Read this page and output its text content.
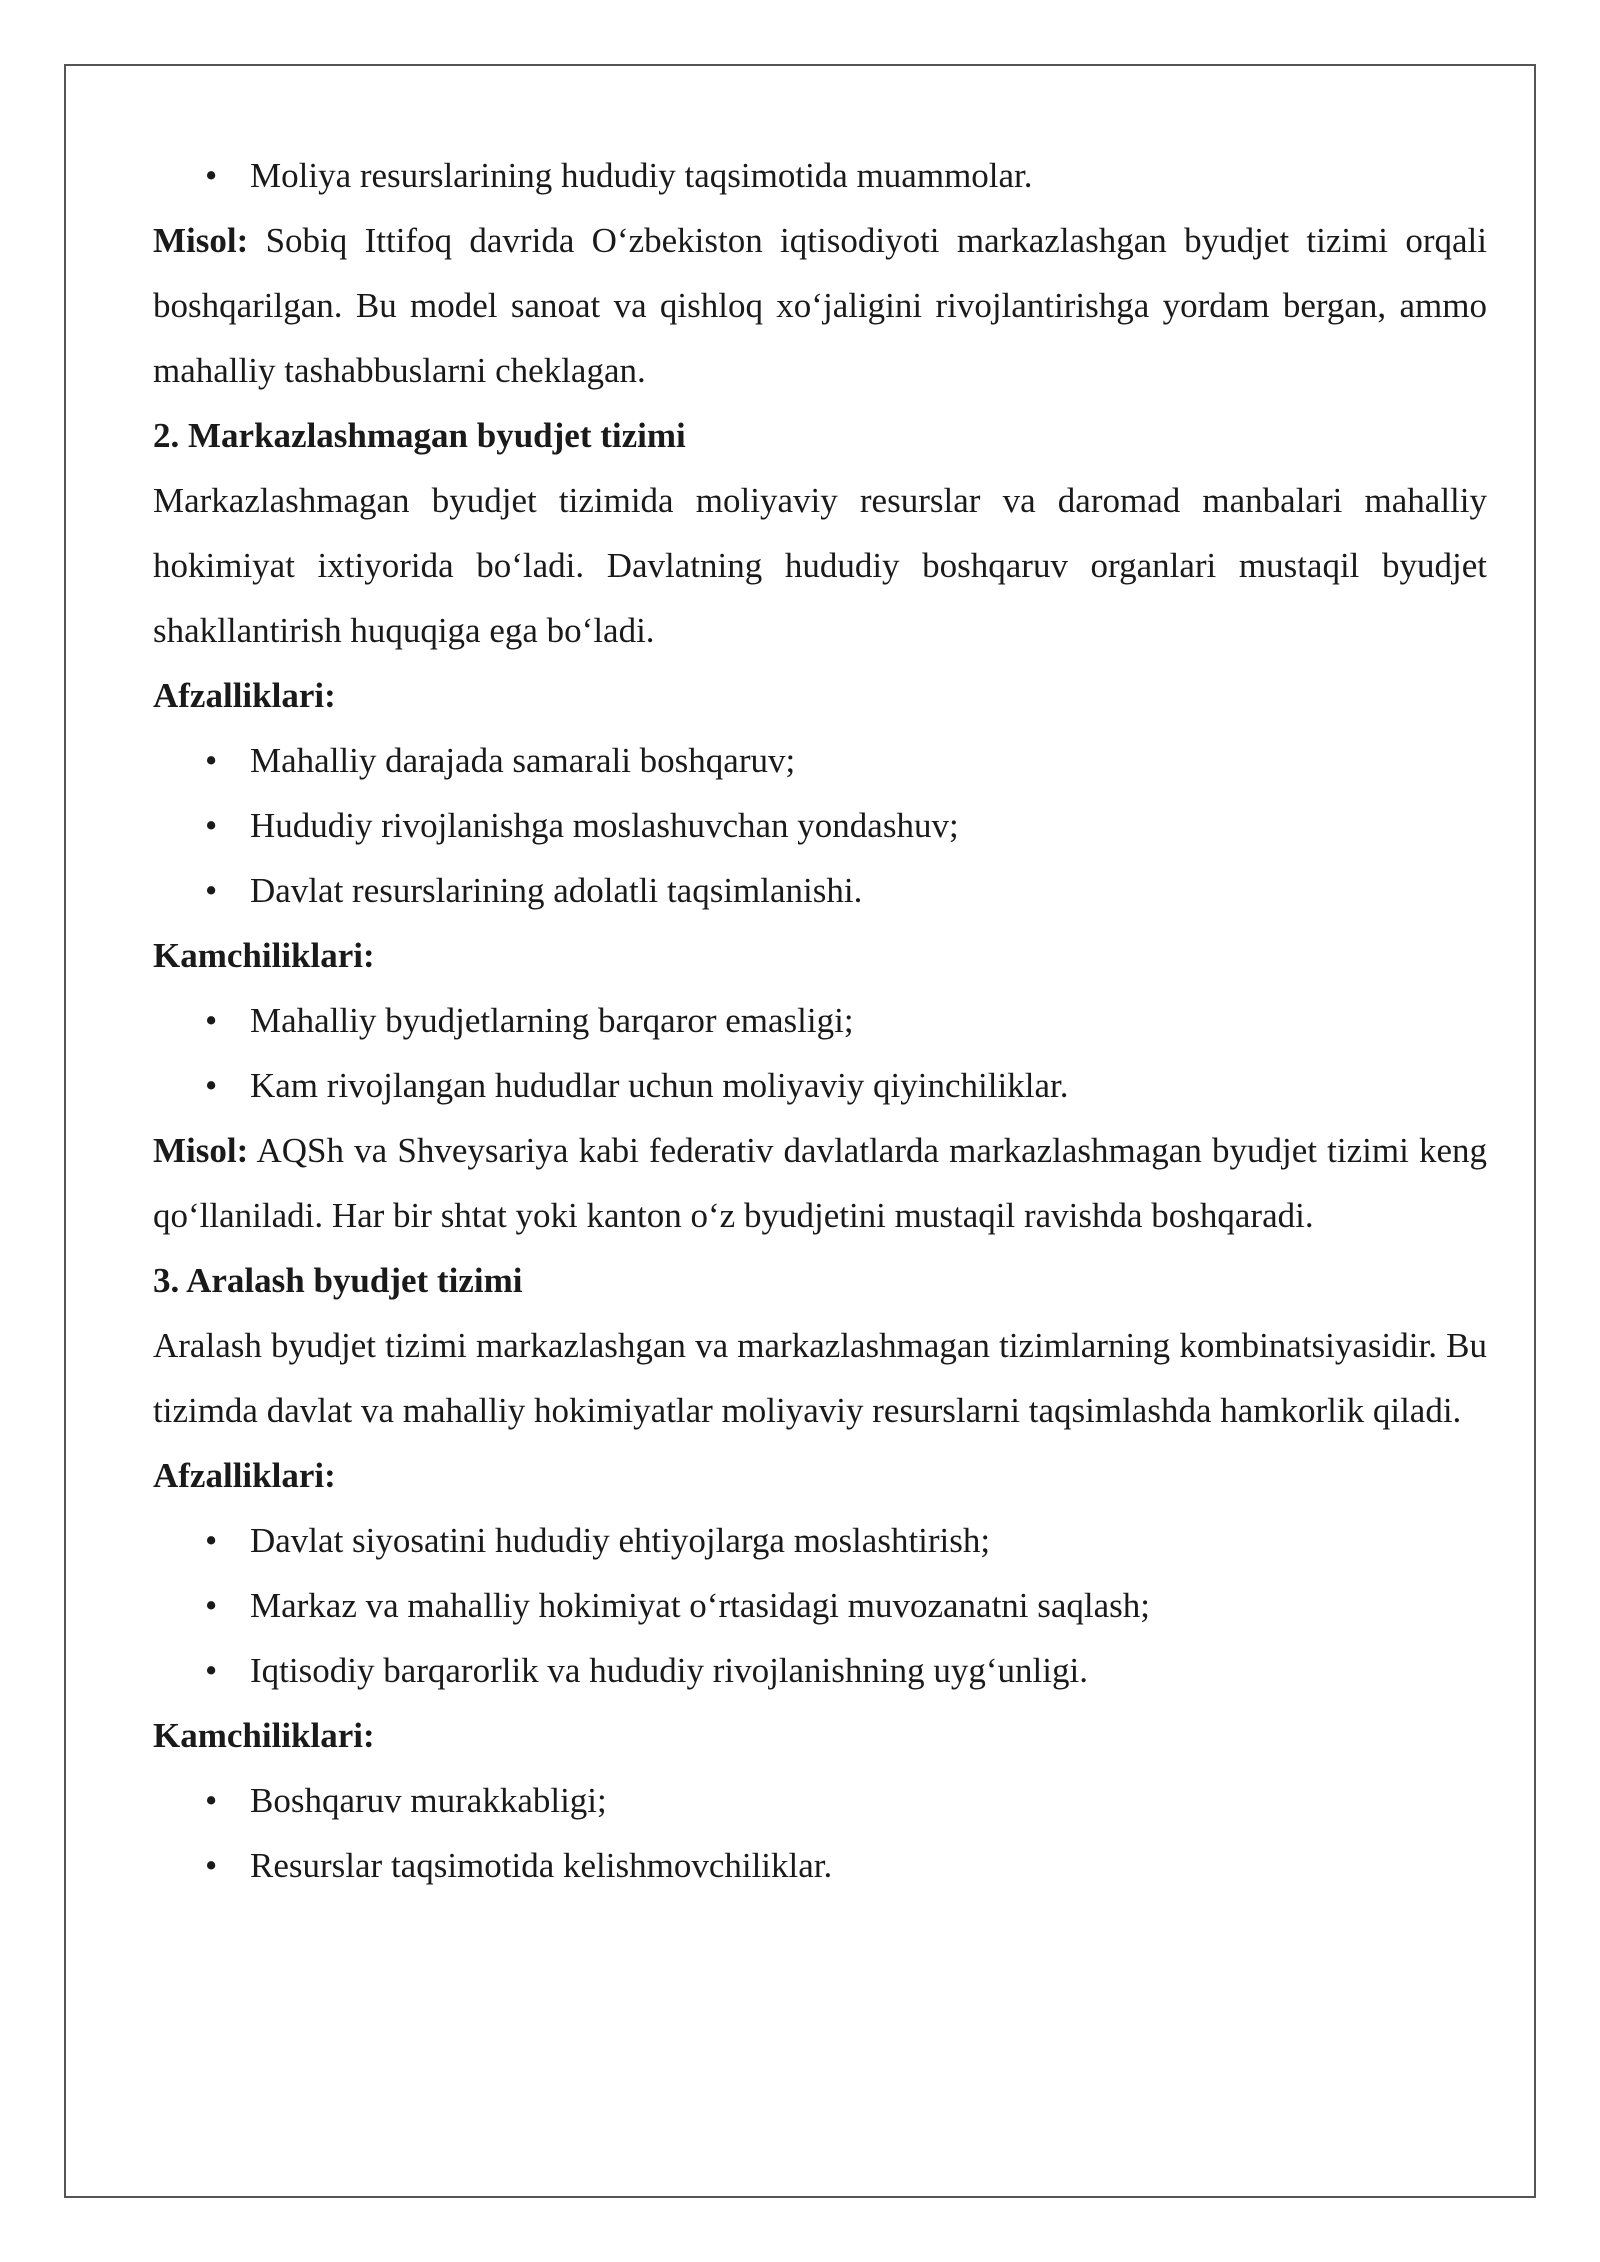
• Moliya resurslarining hududiy taqsimotida muammolar.

Misol: Sobiq Ittifoq davrida O‘zbekiston iqtisodiyoti markazlashgan byudjet tizimi orqali boshqarilgan. Bu model sanoat va qishloq xo‘jaligini rivojlantirishga yordam bergan, ammo mahalliy tashabbuslarni cheklagan.

2. Markazlashmagan byudjet tizimi

Markazlashmagan byudjet tizimida moliyaviy resurslar va daromad manbalari mahalliy hokimiyat ixtiyorida bo‘ladi. Davlatning hududiy boshqaruv organlari mustaqil byudjet shakllantirish huquqiga ega bo‘ladi.

Afzalliklari:

• Mahalliy darajada samarali boshqaruv;
• Hududiy rivojlanishga moslashuvchan yondashuv;
• Davlat resurslarining adolatli taqsimlanishi.

Kamchiliklari:

• Mahalliy byudjetlarning barqaror emasligi;
• Kam rivojlangan hududlar uchun moliyaviy qiyinchiliklar.

Misol: AQSh va Shveysariya kabi federativ davlatlarda markazlashmagan byudjet tizimi keng qo‘llaniladi. Har bir shtat yoki kanton o‘z byudjetini mustaqil ravishda boshqaradi.

3. Aralash byudjet tizimi

Aralash byudjet tizimi markazlashgan va markazlashmagan tizimlarning kombinatsiyasidir. Bu tizimda davlat va mahalliy hokimiyatlar moliyaviy resurslarni taqsimlashda hamkorlik qiladi.

Afzalliklari:

• Davlat siyosatini hududiy ehtiyojlarga moslashtirish;
• Markaz va mahalliy hokimiyat o‘rtasidagi muvozanatni saqlash;
• Iqtisodiy barqarorlik va hududiy rivojlanishning uyg‘unligi.

Kamchiliklari:

• Boshqaruv murakkabligi;
• Resurslar taqsimotida kelishmovchiliklar.
